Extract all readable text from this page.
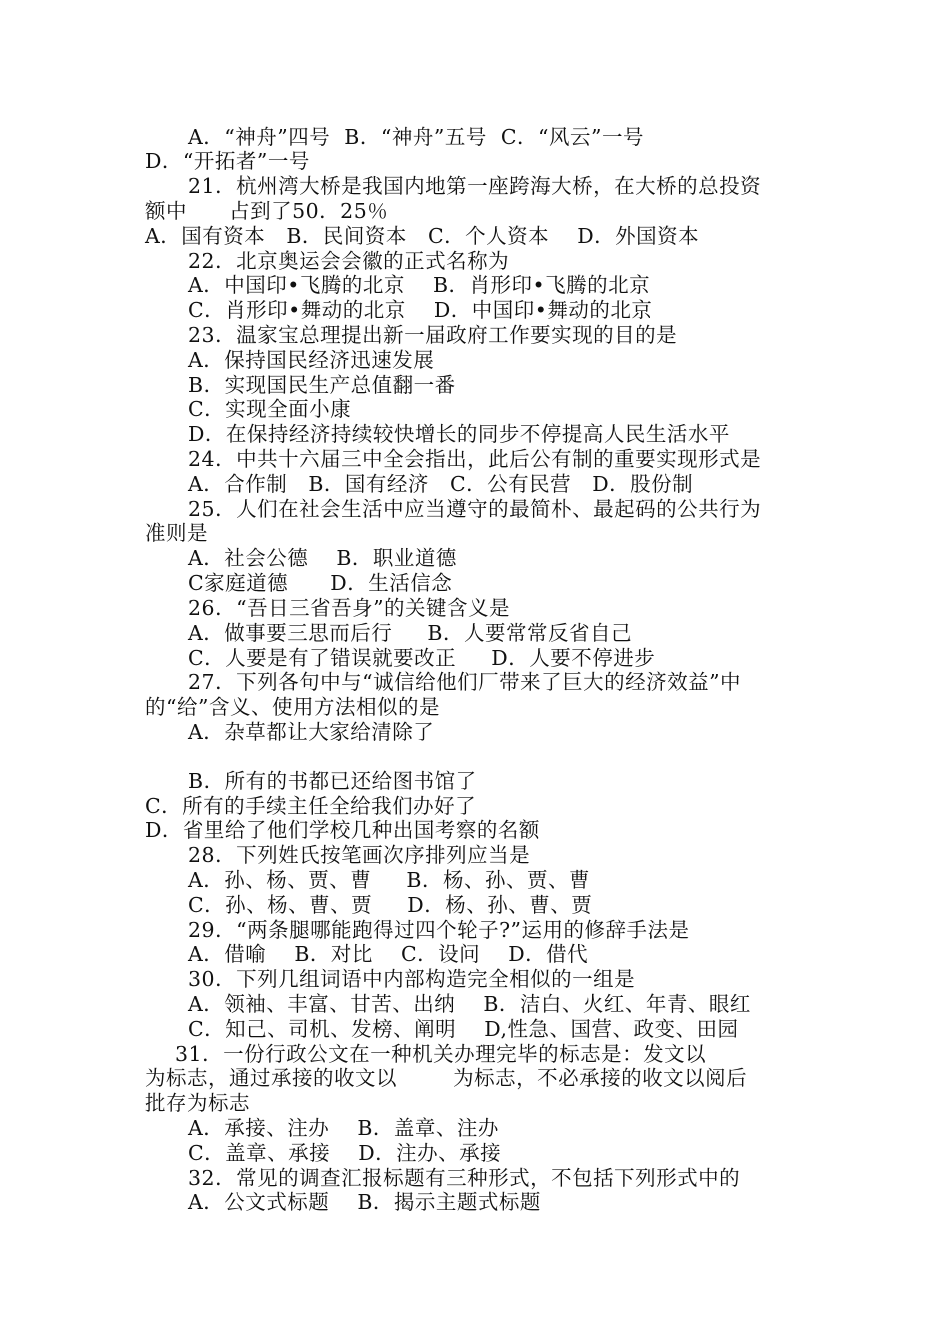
A．“神舟”四号  B．“神舟”五号  C．“风云”一号

D．“开拓者”一号

21．杭州湾大桥是我国内地第一座跨海大桥，在大桥的总投资

额中      占到了50．25％

A．国有资本   B．民间资本   C．个人资本    D．外国资本

22．北京奥运会会徽的正式名称为

A．中国印•飞腾的北京    B．肖形印•飞腾的北京

C．肖形印•舞动的北京    D．中国印•舞动的北京

23．温家宝总理提出新一届政府工作要实现的目的是

A．保持国民经济迅速发展

B．实现国民生产总值翻一番

C．实现全面小康

D．在保持经济持续较快增长的同步不停提高人民生活水平

24．中共十六届三中全会指出，此后公有制的重要实现形式是

A．合作制   B．国有经济   C．公有民营   D．股份制

25．人们在社会生活中应当遵守的最简朴、最起码的公共行为

准则是

A．社会公德    B．职业道德

C家庭道德      D．生活信念

26．“吾日三省吾身”的关键含义是

A．做事要三思而后行     B．人要常常反省自己

C．人要是有了错误就要改正     D．人要不停进步

27．下列各句中与“诚信给他们厂带来了巨大的经济效益”中

的“给”含义、使用方法相似的是

A．杂草都让大家给清除了

B．所有的书都已还给图书馆了

C．所有的手续主任全给我们办好了

D．省里给了他们学校几种出国考察的名额

28．下列姓氏按笔画次序排列应当是

A．孙、杨、贾、曹     B．杨、孙、贾、曹

C．孙、杨、曹、贾     D．杨、孙、曹、贾

29．“两条腿哪能跑得过四个轮子?”运用的修辞手法是

A．借喻    B．对比    C．设问    D．借代

30．下列几组词语中内部构造完全相似的一组是

A．领袖、丰富、甘苦、出纳    B．洁白、火红、年青、眼红

C．知己、司机、发榜、阐明    D,性急、国营、政变、田园

31．一份行政公文在一种机关办理完毕的标志是：发文以

为标志，通过承接的收文以        为标志，不必承接的收文以阅后

批存为标志

A．承接、注办    B．盖章、注办

C．盖章、承接    D．注办、承接

32．常见的调查汇报标题有三种形式，不包括下列形式中的

A．公文式标题    B．揭示主题式标题
